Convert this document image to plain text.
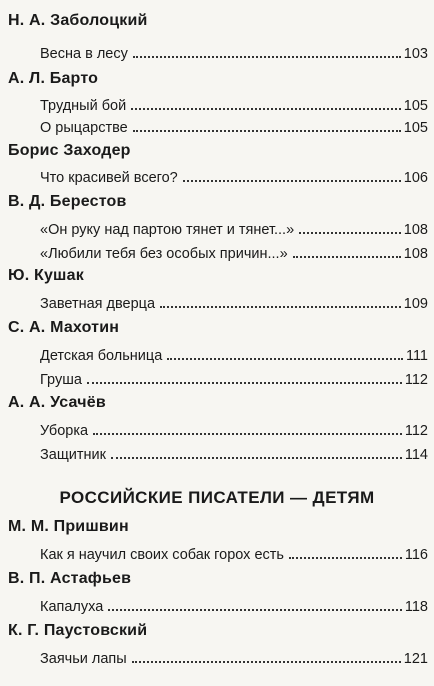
Н. А. Заболоцкий
Весна в лесу	103
А. Л. Барто
Трудный бой	105
О рыцарстве	105
Борис Заходер
Что красивей всего?	106
В. Д. Берестов
«Он руку над партою тянет и тянет...»	108
«Любили тебя без особых причин...»	108
Ю. Кушак
Заветная дверца	109
С. А. Махотин
Детская больница	111
Груша	112
А. А. Усачёв
Уборка	112
Защитник	114
РОССИЙСКИЕ ПИСАТЕЛИ — ДЕТЯМ
М. М. Пришвин
Как я научил своих собак горох есть	116
В. П. Астафьев
Капалуха	118
К. Г. Паустовский
Заячьи лапы	121
